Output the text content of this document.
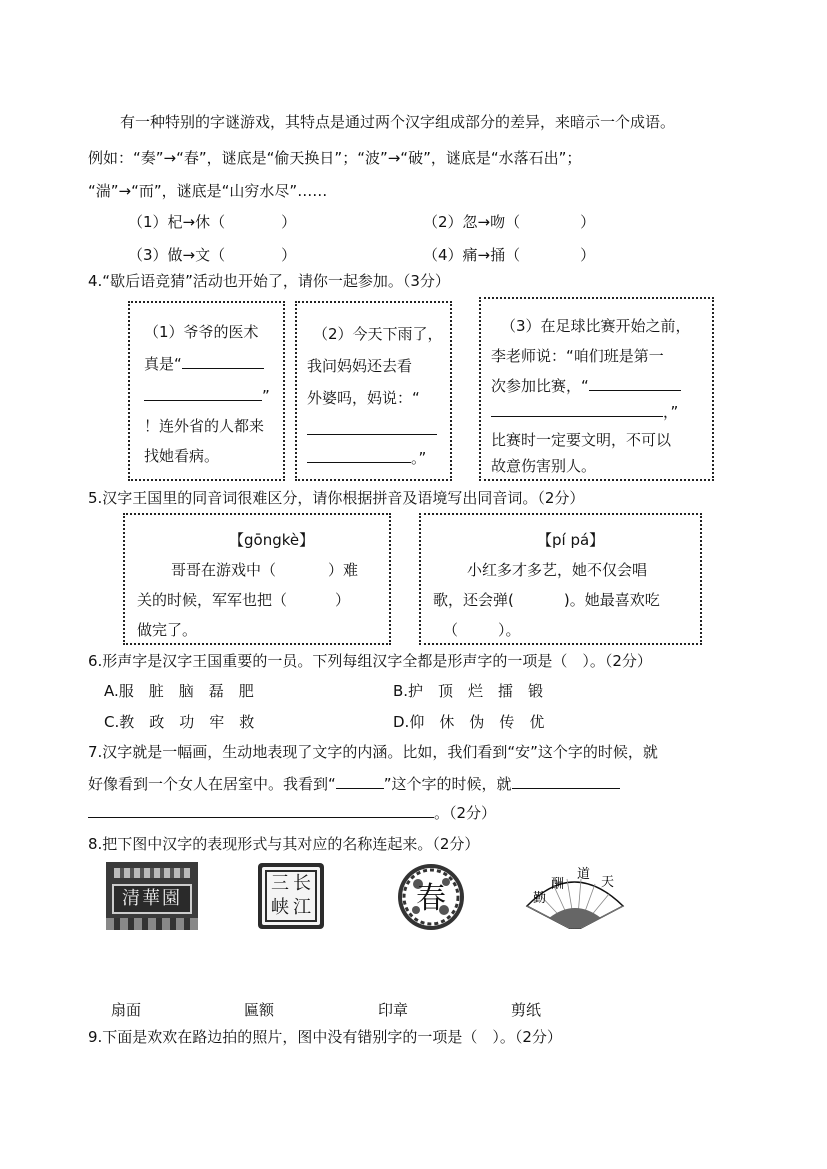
有一种特别的字谜游戏，其特点是通过两个汉字组成部分的差异，来暗示一个成语。
例如：“奏”→“春”，谜底是“偷天换日”；“波”→“破”，谜底是“水落石出”；
“湍”→“而”，谜底是“山穷水尽”……
（1）杞→休（	）	（2）忽→吻（	）
（3）做→文（	）	（4）痛→捅（	）
4.“歇后语竞猜”活动也开始了，请你一起参加。（3分）
（1）爷爷的医术
真是“
”
！连外省的人都来
找她看病。
（2）今天下雨了，
我问妈妈还去看
外婆吗，妈说：“
。”
（3）在足球比赛开始之前，
李老师说：“咱们班是第一
次参加比赛，“
，”
比赛时一定要文明，不可以
故意伤害别人。
5.汉字王国里的同音词很难区分，请你根据拼音及语境写出同音词。（2分）
【gōngkè】
哥哥在游戏中（	）难
关的时候，军军也把（	）
做完了。
【pí pá】
小红多才多艺，她不仅会唱
歌，还会弹(	)。她最喜欢吃
（	）。
6.形声字是汉字王国重要的一员。下列每组汉字全都是形声字的一项是（　）。（2分）
A.服　脏　脑　磊　肥	B.护　顶　烂　擂　锻
C.教　政　功　牢　救	D.仰　休　伪　传　优
7.汉字就是一幅画，生动地表现了文字的内涵。比如，我们看到“安”这个字的时候，就
好像看到一个女人在居室中。我看到“	”这个字的时候，就
。（2分）
8.把下图中汉字的表现形式与其对应的名称连起来。（2分）
清華園
三 长
峡 江	春	天
道
酬
勤
扇面	匾额	印章	剪纸
9.下面是欢欢在路边拍的照片，图中没有错别字的一项是（　）。（2分）
